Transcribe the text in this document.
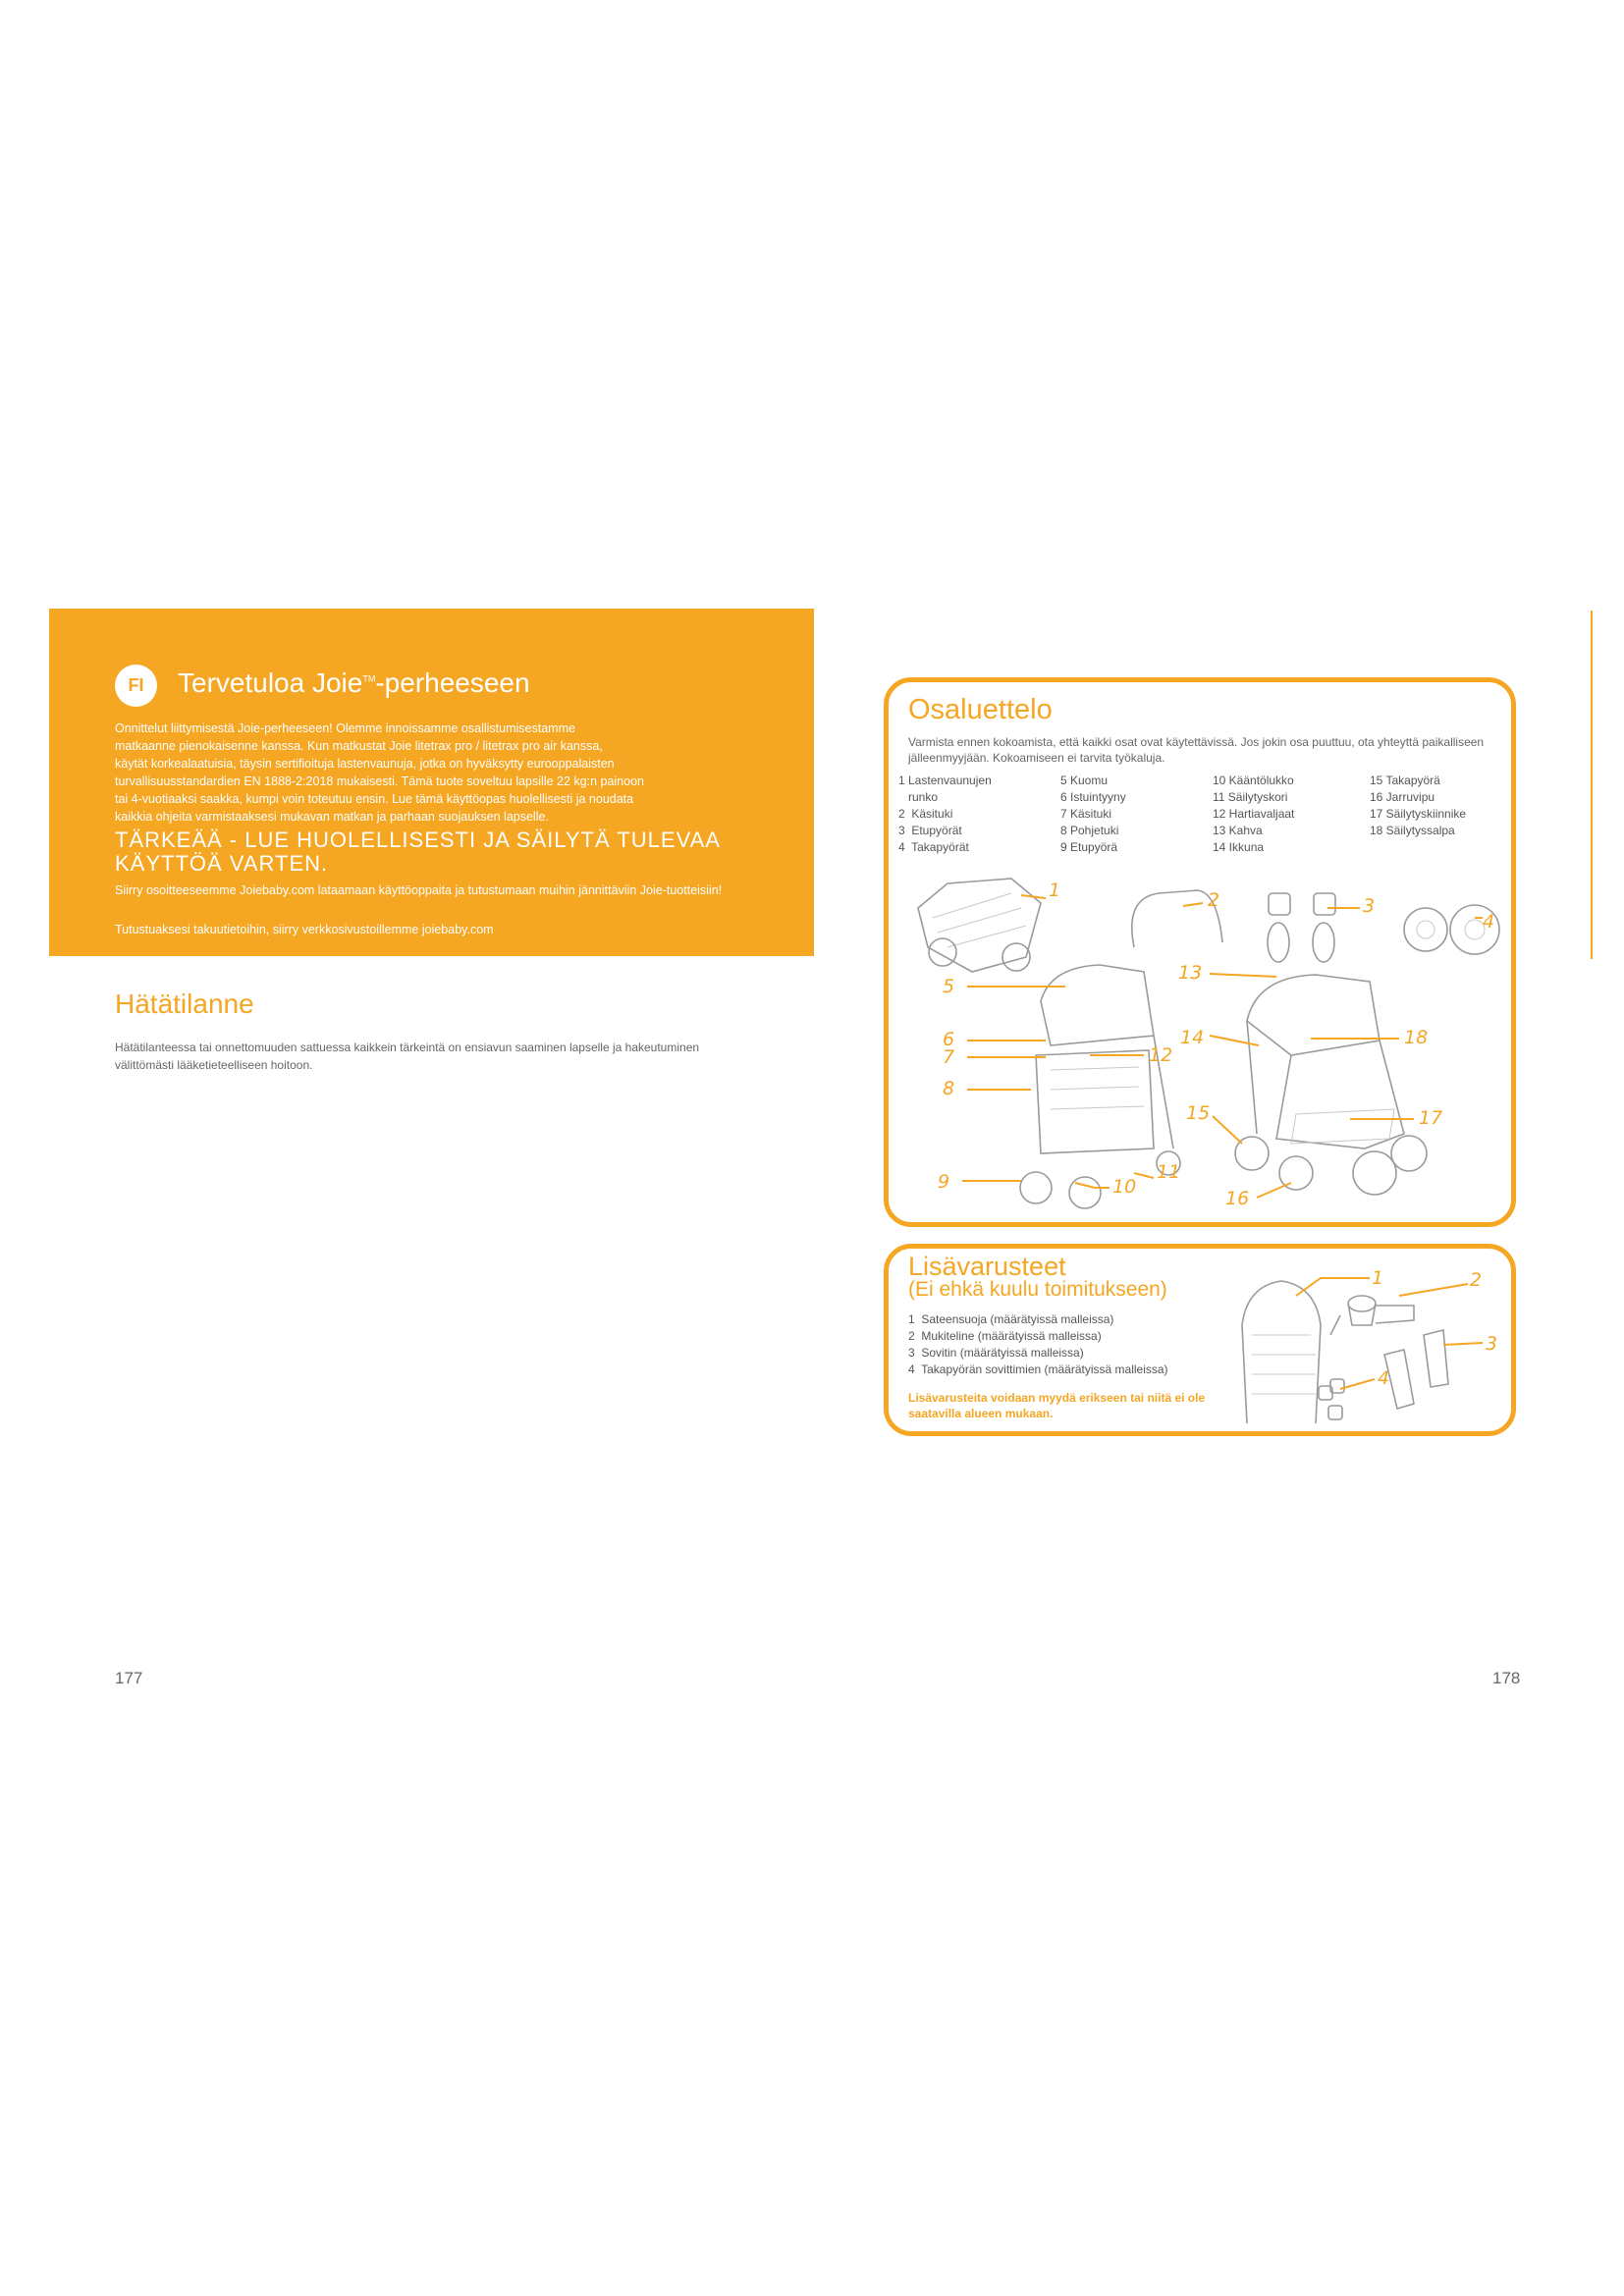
FI	Tervetuloa Joie™-perheeseen
Onnittelut liittymisestä Joie-perheeseen! Olemme innoissamme osallistumisestamme
matkaanne pienokaisenne kanssa. Kun matkustat Joie litetrax pro / litetrax pro air kanssa,
käytät korkealaatuisia, täysin sertifioituja lastenvaunuja, jotka on hyväksytty eurooppalaisten
turvallisuusstandardien EN 1888-2:2018 mukaisesti. Tämä tuote soveltuu lapsille 22 kg:n painoon
tai 4-vuotiaaksi saakka, kumpi voin toteutuu ensin. Lue tämä käyttöopas huolellisesti ja noudata
kaikkia ohjeita varmistaaksesi mukavan matkan ja parhaan suojauksen lapselle.
TÄRKEÄÄ - LUE HUOLELLISESTI JA SÄILYTÄ TULEVAA KÄYTTÖÄ VARTEN.
Siirry osoitteeseemme Joiebaby.com lataamaan käyttöoppaita ja tutustumaan muihin jännittäviin Joie-tuotteisiin!
Tutustuaksesi takuutietoihin, siirry verkkosivustoillemme joiebaby.com
Hätätilanne
Hätätilanteessa tai onnettomuuden sattuessa kaikkein tärkeintä on ensiavun saaminen lapselle ja hakeutuminen välittömästi lääketieteelliseen hoitoon.
177
Osaluettelo
Varmista ennen kokoamista, että kaikki osat ovat käytettävissä. Jos jokin osa puuttuu, ota yhteyttä paikalliseen jälleenmyyjään. Kokoamiseen ei tarvita työkaluja.
1 Lastenvaunujen
runko
2  Käsituki
3  Etupyörät
4  Takapyörät
5 Kuomu
6 Istuintyyny
7 Käsituki
8 Pohjetuki
9 Etupyörä
10 Kääntölukko
11 Säilytyskori
12 Hartiavaljaat
13 Kahva
14 Ikkuna
15 Takapyörä
16 Jarruvipu
17 Säilytyskiinnike
18 Säilytyssalpa
1	2	3
4
5
6
7
8
9	10
11
12
13
14
15
16
17
18
Lisävarusteet
(Ei ehkä kuulu toimitukseen)
1  Sateensuoja (määrätyissä malleissa)
2  Mukiteline (määrätyissä malleissa)
3  Sovitin (määrätyissä malleissa)
4  Takapyörän sovittimien (määrätyissä malleissa)
Lisävarusteita voidaan myydä erikseen tai niitä ei ole saatavilla alueen mukaan.
1	2
3
4
178
